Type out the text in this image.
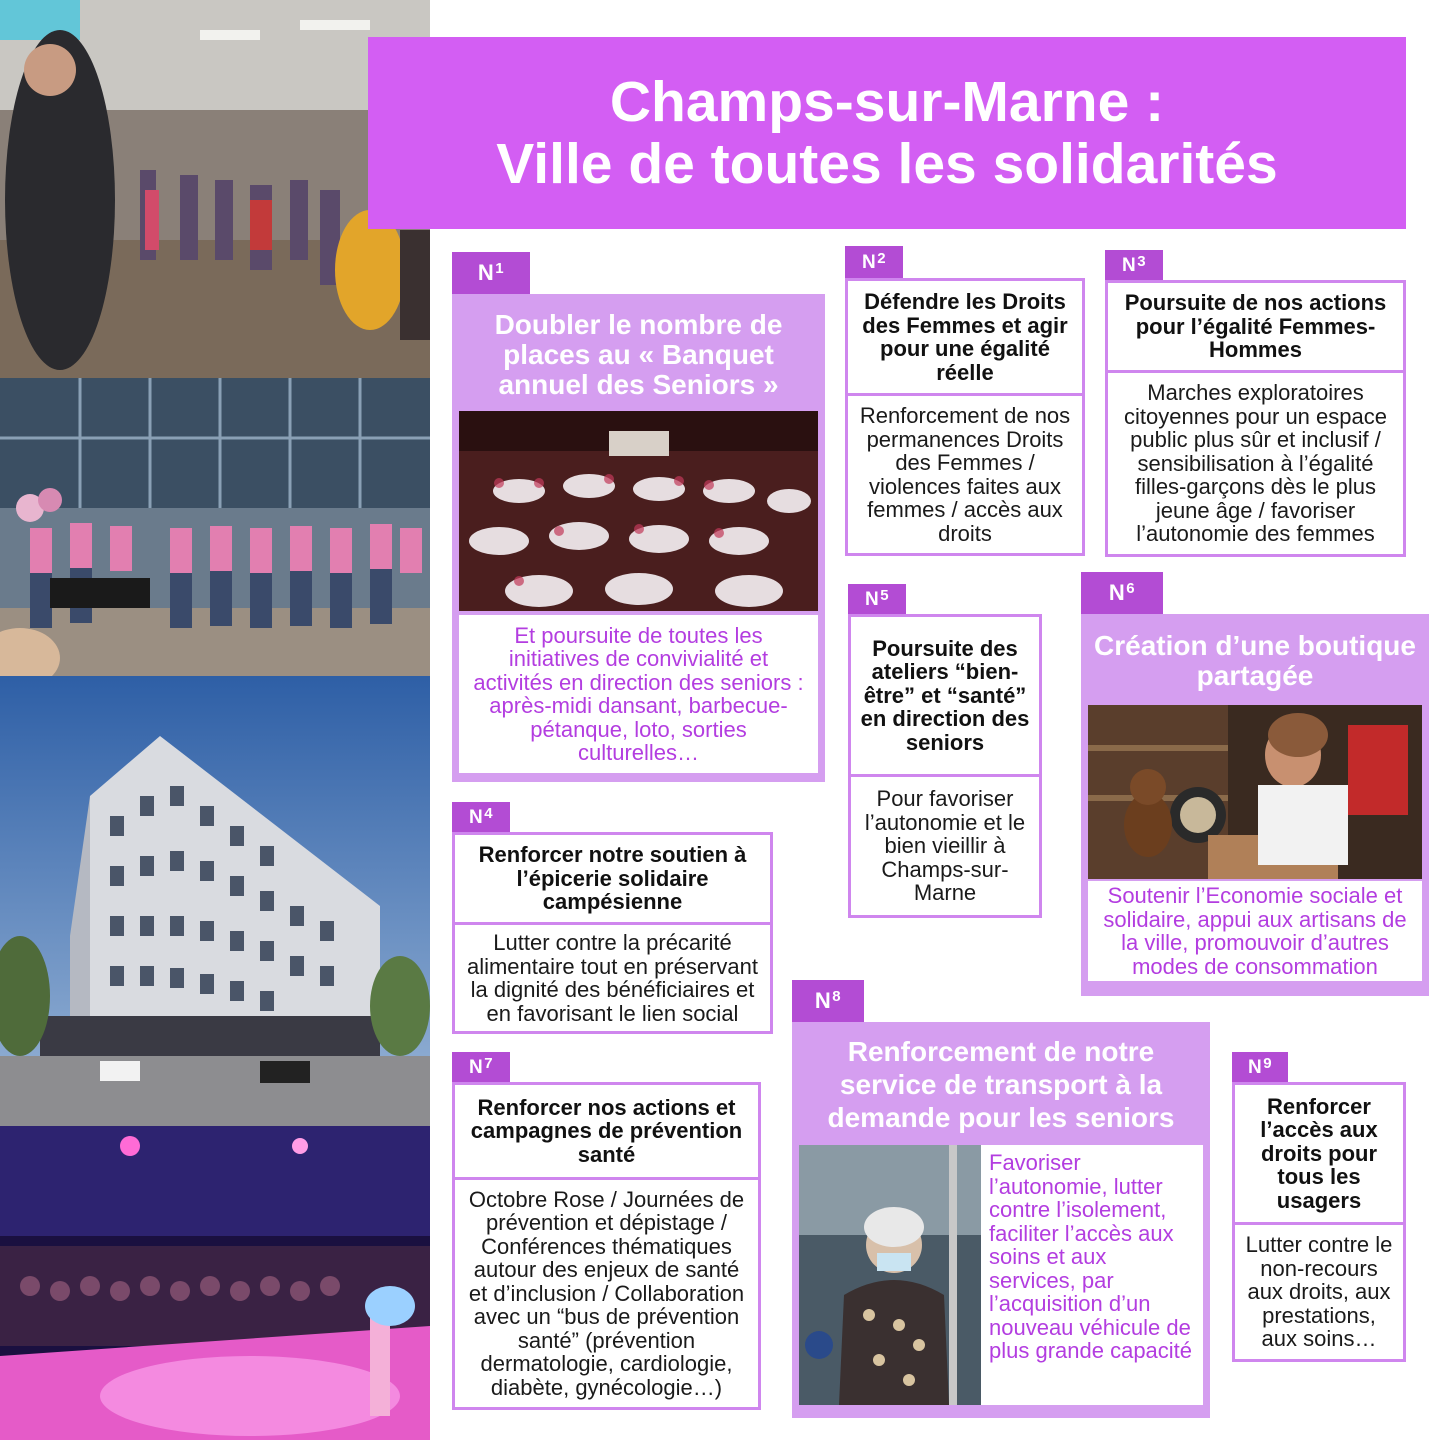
Champs-sur-Marne :
Ville de toutes les solidarités
$N^1$
Doubler le nombre de places au « Banquet annuel des Seniors »
Et poursuite de toutes les initiatives de convivialité et activités en direction des seniors : après-midi dansant, barbecue-pétanque, loto, sorties culturelles…
$N^2$
Défendre les Droits des Femmes et agir pour une égalité réelle
Renforcement de nos permanences Droits des Femmes / violences faites aux femmes / accès aux droits
$N^3$
Poursuite de nos actions pour l’égalité Femmes-Hommes
Marches exploratoires citoyennes pour un espace public plus sûr et inclusif / sensibilisation à l’égalité filles-garçons dès le plus jeune âge / favoriser l’autonomie des femmes
$N^5$
Poursuite des ateliers “bien-être” et “santé” en direction des seniors
Pour favoriser l’autonomie et le bien vieillir à Champs-sur-Marne
$N^6$
Création d’une boutique partagée
Soutenir l’Economie sociale et solidaire, appui aux artisans de la ville, promouvoir d’autres modes de consommation
$N^4$
Renforcer notre soutien à l’épicerie solidaire campésienne
Lutter contre la précarité alimentaire tout en préservant la dignité des bénéficiaires et en favorisant le lien social
$N^7$
Renforcer nos actions et campagnes de prévention santé
Octobre Rose / Journées de prévention et dépistage / Conférences thématiques autour des enjeux de santé et d’inclusion / Collaboration avec un “bus de prévention santé” (prévention dermatologie, cardiologie, diabète, gynécologie…)
$N^8$
Renforcement de notre service de transport à la demande pour les seniors
Favoriser l’autonomie, lutter contre l’isolement, faciliter l’accès aux soins et aux services, par l’acquisition d’un nouveau véhicule de plus grande capacité
$N^9$
Renforcer l’accès aux droits pour tous les usagers
Lutter contre le non-recours aux droits, aux prestations, aux soins…
